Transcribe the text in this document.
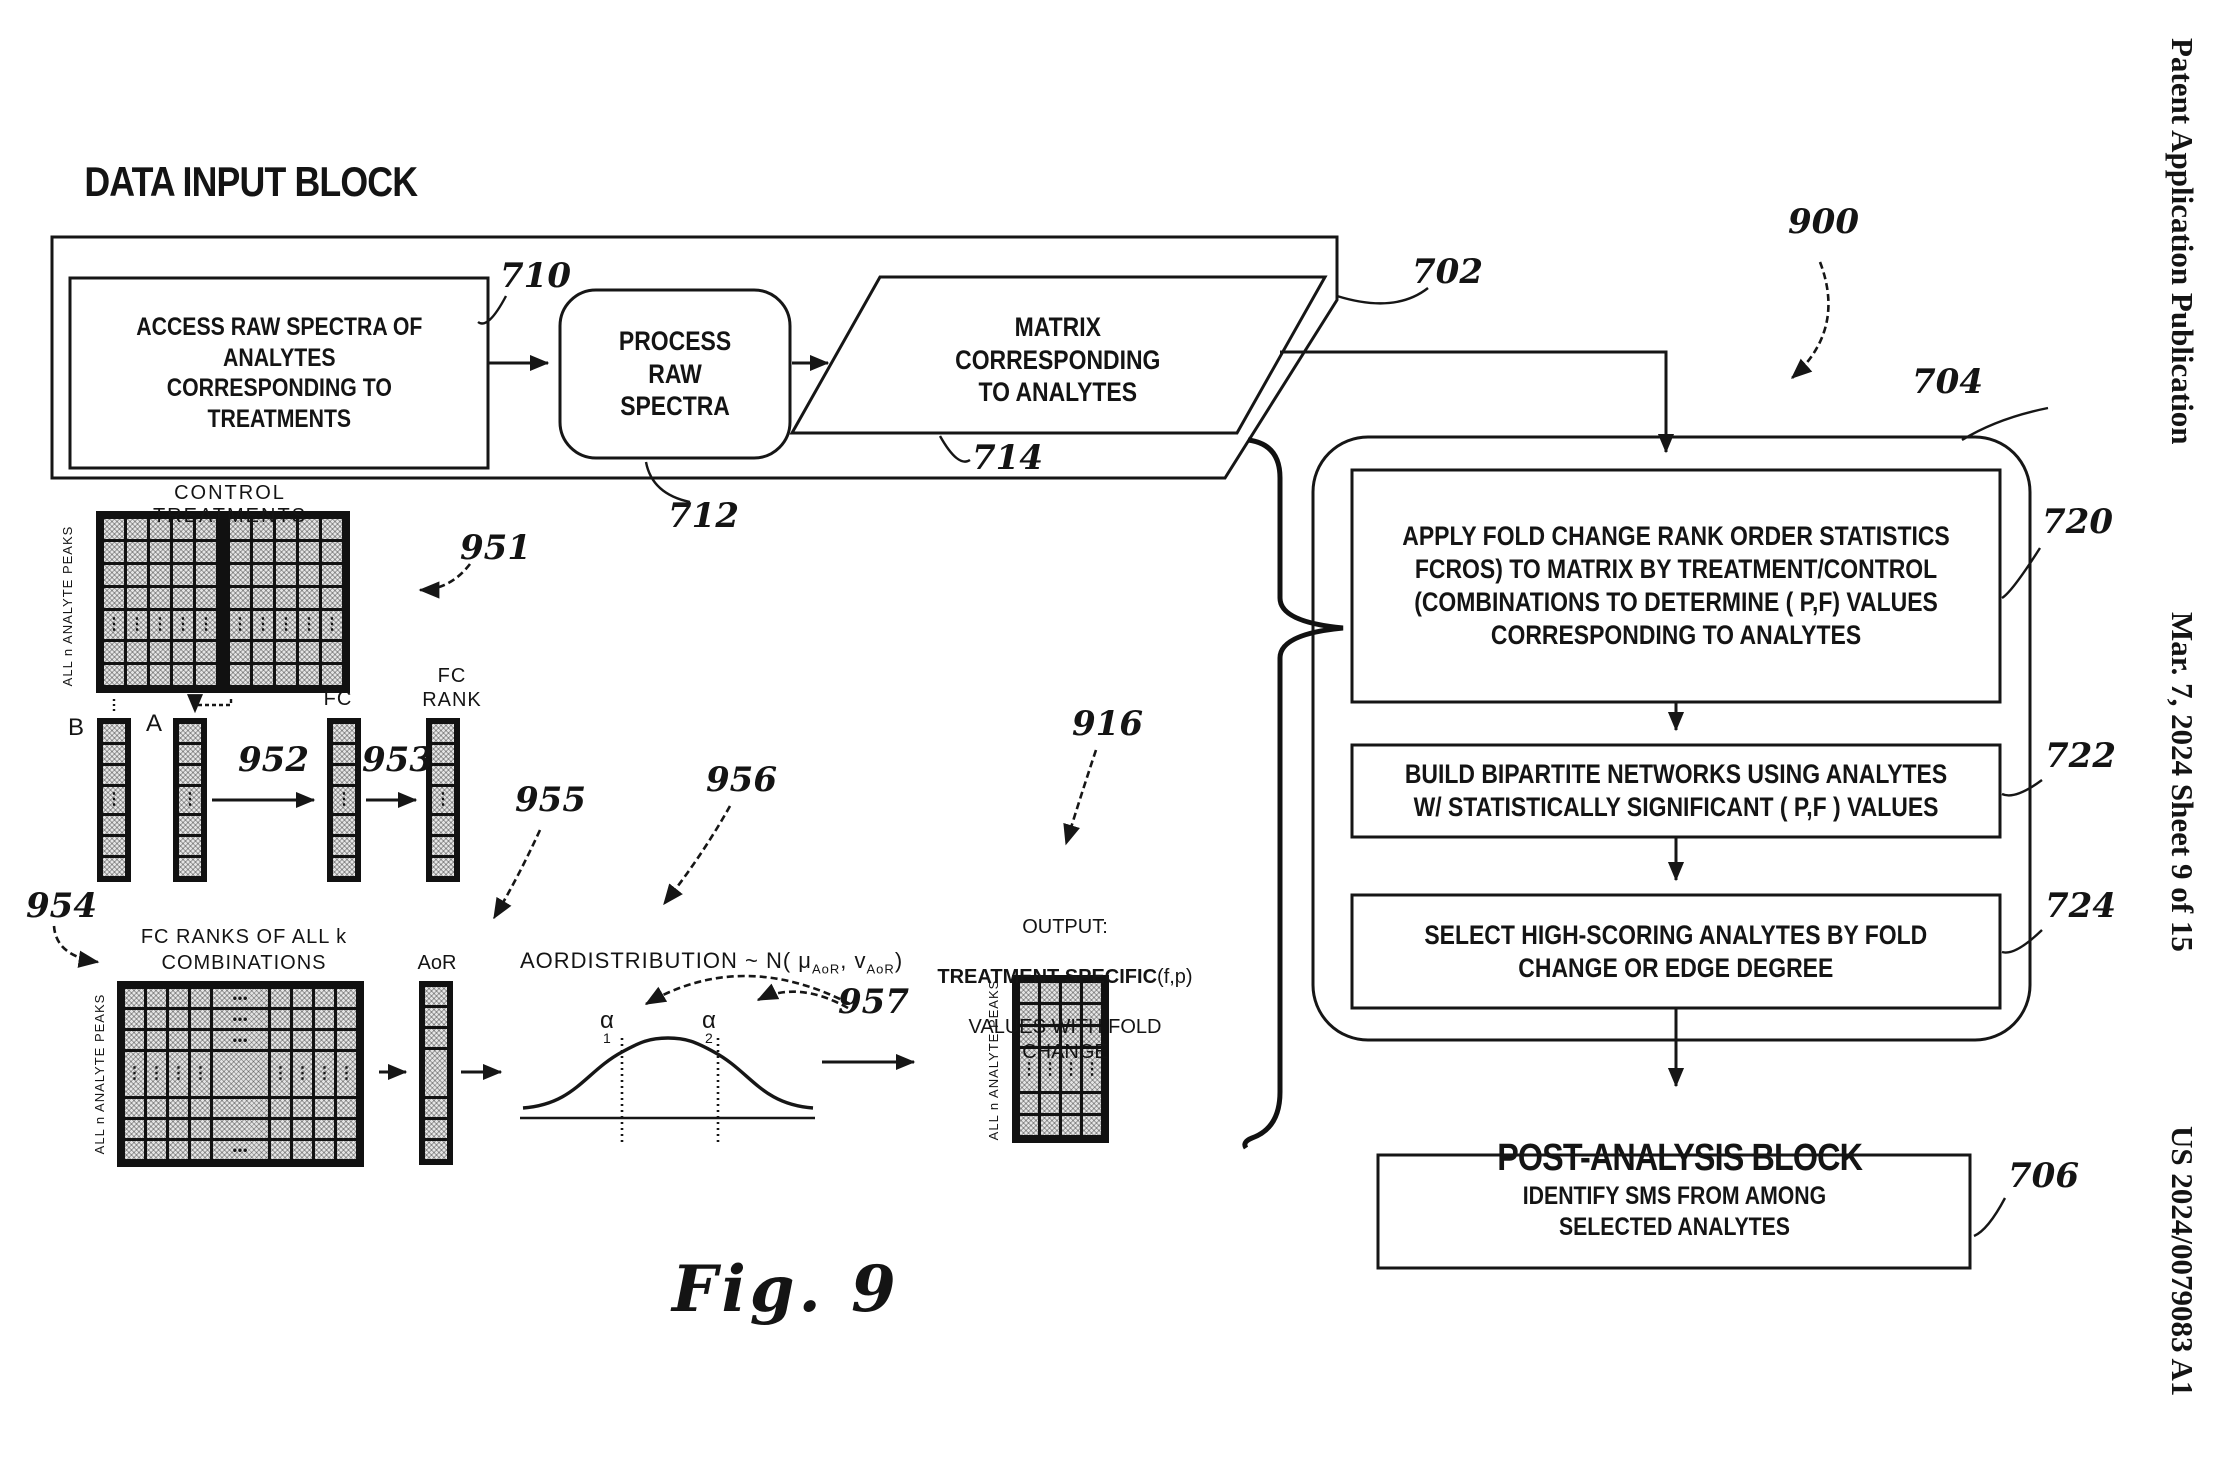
⋮ ⋮ ⋮ ⋮ ⋮ ⋮ ⋮ ⋮ ⋮ ⋮
⋮	⋮	⋮	⋮
•••
•••
•••
⋮ ⋮ ⋮ ⋮	⋮ ⋮ ⋮ ⋮
•••
⋮ ⋮ ⋮ ⋮
DATA INPUT BLOCK
ACCESS RAW SPECTRA OF
ANALYTES
CORRESPONDING TO
TREATMENTS
PROCESS
RAW
SPECTRA
MATRIX
CORRESPONDING
TO ANALYTES
APPLY FOLD CHANGE RANK ORDER STATISTICS
FCROS) TO MATRIX BY TREATMENT/CONTROL
(COMBINATIONS TO DETERMINE ( P,F) VALUES
CORRESPONDING TO ANALYTES
BUILD BIPARTITE NETWORKS USING ANALYTES
W/ STATISTICALLY SIGNIFICANT ( P,F ) VALUES
SELECT HIGH-SCORING ANALYTES BY FOLD
CHANGE OR EDGE DEGREE

POST-ANALYSIS BLOCK
IDENTIFY SMS FROM AMONG
SELECTED ANALYTES
710
712
714
702
900
704
720
722
724
706
951
952 953
954
955	956
957
916
CONTROL TREATMENTS
ALL n ANALYTE PEAKS
ALL n ANALYTE PEAKS	ALL n ANALYTE PEAKS
B	A
FC
FC
RANK
FC RANKS OF ALL k
COMBINATIONS	AoR	AORDISTRIBUTION ~ N( $\mu_{AoR}$, $v_{AoR}$)
α
1
α
2

OUTPUT:

TREATMENT SPECIFIC(f,p)

VALUES WITH FOLD CHANGE

Fig. 9
Patent Application Publication
Mar. 7, 2024 Sheet 9 of 15
US 2024/0079083 A1
